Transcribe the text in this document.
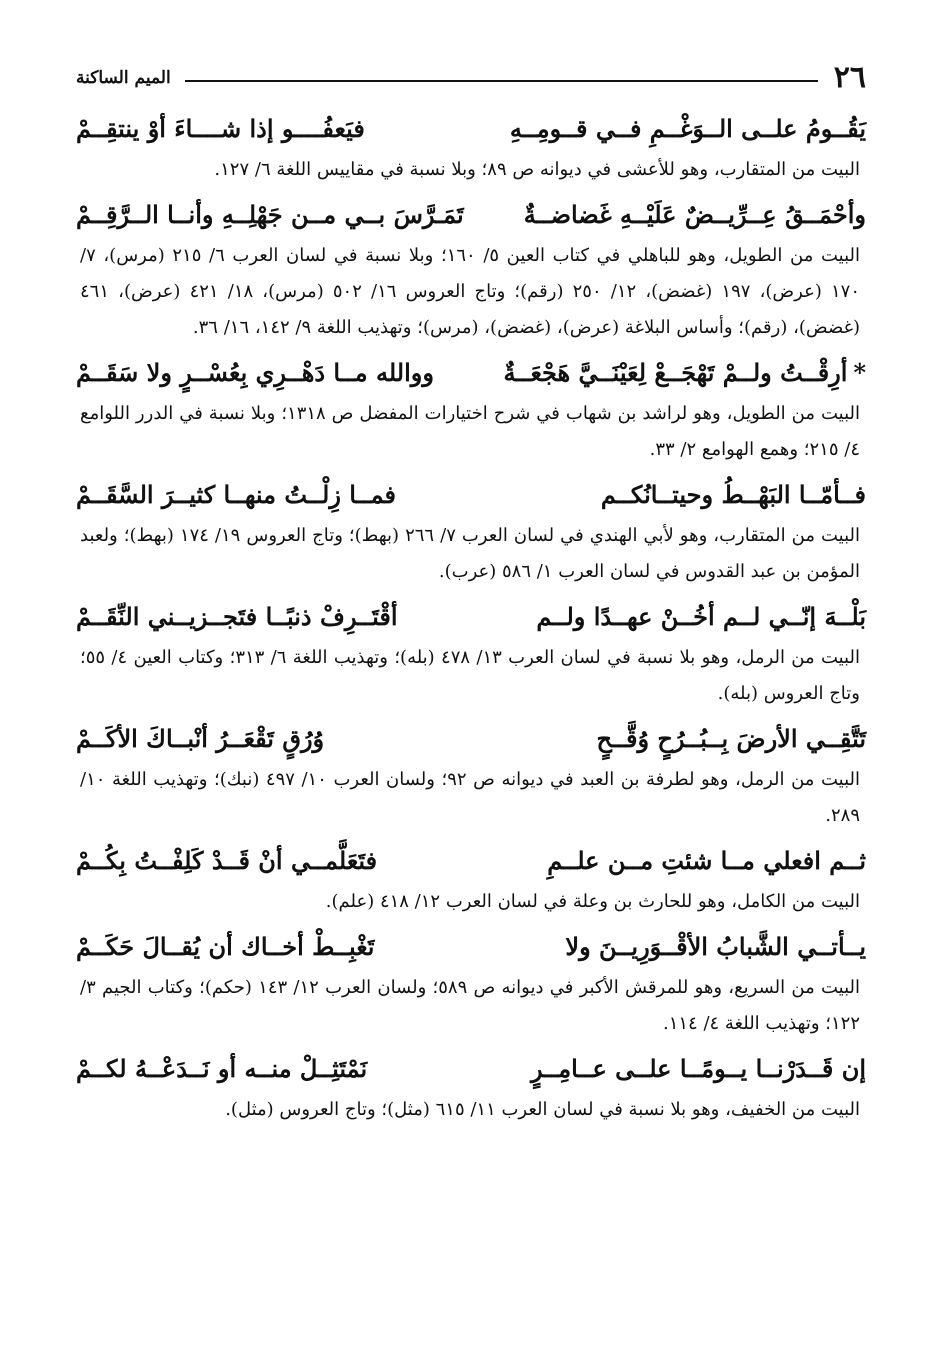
٢٦
الميم الساكنة
يَقُــومُ علــى الــوَغْــمِ فــي قــومِــهِ
فيَعفُــــو إذا شــــاءَ أوْ ينتقِــمْ
البيت من المتقارب، وهو للأعشى في ديوانه ص ٨٩؛ وبلا نسبة في مقاييس اللغة ٦/ ١٢٧.
وأحْمَــقُ عِــرِّيــضٌ عَلَيْــهِ غَضاضــةٌ
تَمَـرَّسَ بــي مــن جَهْلِــهِ وأنــا الــرَّقِــمْ
البيت من الطويل، وهو للباهلي في كتاب العين ٥/ ١٦٠؛ وبلا نسبة في لسان العرب ٦/ ٢١٥ (مرس)، ٧/ ١٧٠ (عرض)، ١٩٧ (غضض)، ١٢/ ٢٥٠ (رقم)؛ وتاج العروس ١٦/ ٥٠٢ (مرس)، ١٨/ ٤٢١ (عرض)، ٤٦١ (غضض)، (رقم)؛ وأساس البلاغة (عرض)، (غضض)، (مرس)؛ وتهذيب اللغة ٩/ ١٤٢، ١٦/ ٣٦.
*أرِقْــتُ ولــمْ تَهْجَــعْ لِعَيْنَــيَّ هَجْعَــةٌ
ووالله مــا دَهْــرِي بِعُسْــرٍ ولا سَقَــمْ
البيت من الطويل، وهو لراشد بن شهاب في شرح اختيارات المفضل ص ١٣١٨؛ وبلا نسبة في الدرر اللوامع ٤/ ٢١٥؛ وهمع الهوامع ٢/ ٣٣.
فــأمّــا البَهْــطُ وحيتــانُكــم
فمــا زِلْــتُ منهــا كثيــرَ السَّقَــمْ
البيت من المتقارب، وهو لأبي الهندي في لسان العرب ٧/ ٢٦٦ (بهط)؛ وتاج العروس ١٩/ ١٧٤ (بهط)؛ ولعبد المؤمن بن عبد القدوس في لسان العرب ١/ ٥٨٦ (عرب).
بَلْــهَ إنّــي لــم أخُــنْ عهــدًا ولــم
أقْتَــرِفْ ذنبًــا فتَجــزيــني النِّقَــمْ
البيت من الرمل، وهو بلا نسبة في لسان العرب ١٣/ ٤٧٨ (بله)؛ وتهذيب اللغة ٦/ ٣١٣؛ وكتاب العين ٤/ ٥٥؛ وتاج العروس (بله).
تَتَّقِــي الأرضَ بِــبُــرُحٍ وُقَّــحٍ
وُرُقٍ تَقْعَــرُ أنْبــاكَ الأكَــمْ
البيت من الرمل، وهو لطرفة بن العبد في ديوانه ص ٩٢؛ ولسان العرب ١٠/ ٤٩٧ (نبك)؛ وتهذيب اللغة ١٠/ ٢٨٩.
ثــم افعلي مــا شئتِ مــن علــمِ
فتَعَلَّمــي أنْ قَــدْ كَلِفْــتُ بِكُــمْ
البيت من الكامل، وهو للحارث بن وعلة في لسان العرب ١٢/ ٤١٨ (علم).
يــأتــي الشَّبابُ الأقْــوَرِيــنَ ولا
تَغْبِــطْ أخــاك أن يُقــالَ حَكَــمْ
البيت من السريع، وهو للمرقش الأكبر في ديوانه ص ٥٨٩؛ ولسان العرب ١٢/ ١٤٣ (حكم)؛ وكتاب الجيم ٣/ ١٢٢؛ وتهذيب اللغة ٤/ ١١٤.
إن قَــدَرْنــا يــومًــا علــى عــامِــرٍ
نَمْتَثِــلْ منــه أو نَــدَعْــهُ لكــمْ
البيت من الخفيف، وهو بلا نسبة في لسان العرب ١١/ ٦١٥ (مثل)؛ وتاج العروس (مثل).
